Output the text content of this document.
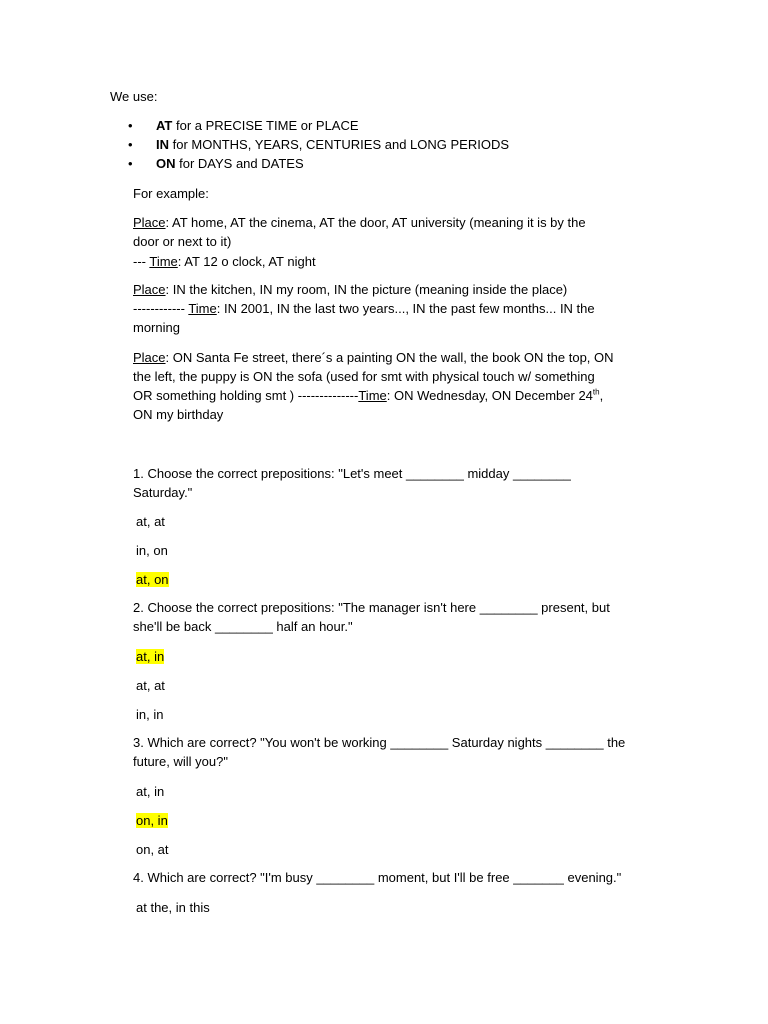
We use:
• AT for a PRECISE TIME or PLACE
• IN for MONTHS, YEARS, CENTURIES and LONG PERIODS
• ON for DAYS and DATES
For example:
Place: AT home, AT the cinema, AT the door, AT university (meaning it is by the
door or next to it)
--- Time: AT 12 o clock, AT night
Place: IN the kitchen, IN my room, IN the picture (meaning inside the place)
------------ Time: IN 2001, IN the last two years..., IN the past few months... IN the
morning
Place: ON Santa Fe street, there´s a painting ON the wall, the book ON the top, ON
the left, the puppy is ON the sofa (used for smt with physical touch w/ something
OR something holding smt ) --------------Time: ON Wednesday, ON December 24th,
ON my birthday
1. Choose the correct prepositions: "Let's meet ________ midday ________
Saturday."
at, at
in, on
at, on
2. Choose the correct prepositions: "The manager isn't here ________ present, but
she'll be back ________ half an hour."
at, in
at, at
in, in
3. Which are correct? "You won't be working ________ Saturday nights ________ the
future, will you?"
at, in
on, in
on, at
4. Which are correct? "I'm busy ________ moment, but I'll be free _______ evening."
at the, in this
